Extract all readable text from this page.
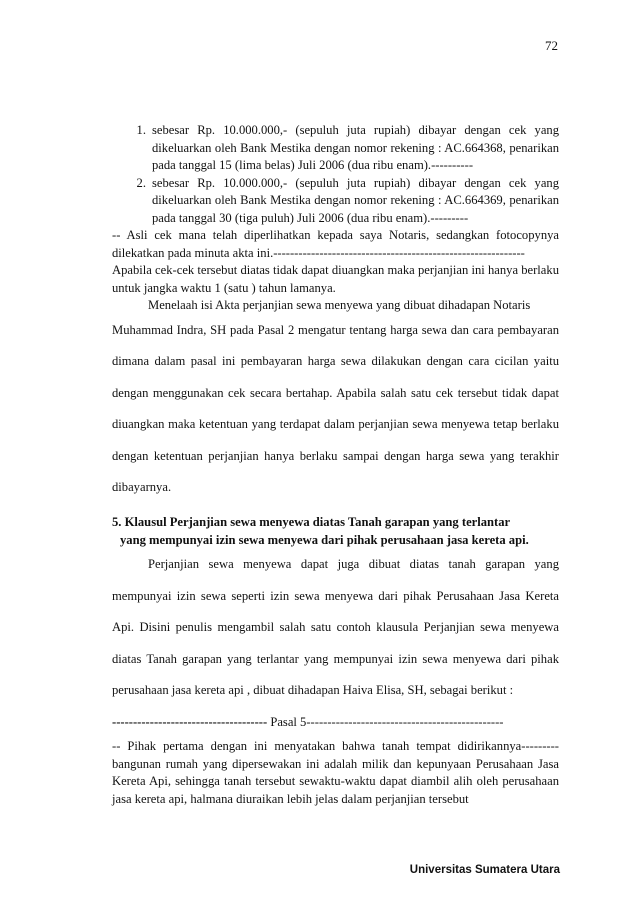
72
1. sebesar Rp. 10.000.000,- (sepuluh juta rupiah) dibayar dengan cek yang dikeluarkan oleh Bank Mestika dengan nomor rekening : AC.664368, penarikan pada tanggal 15 (lima belas) Juli 2006 (dua ribu enam).----------
2. sebesar Rp. 10.000.000,- (sepuluh juta rupiah) dibayar dengan cek yang dikeluarkan oleh Bank Mestika dengan nomor rekening : AC.664369, penarikan pada tanggal 30 (tiga puluh) Juli 2006 (dua ribu enam).---------

-- Asli cek mana telah diperlihatkan kepada saya Notaris, sedangkan fotocopynya dilekatkan pada minuta akta ini.------------------------------------------------------------

Apabila cek-cek tersebut diatas tidak dapat diuangkan maka perjanjian ini hanya berlaku untuk jangka waktu 1 (satu ) tahun lamanya.

Menelaah isi Akta perjanjian sewa menyewa yang dibuat dihadapan Notaris

Muhammad Indra, SH pada Pasal 2 mengatur tentang harga sewa dan cara pembayaran dimana dalam pasal ini pembayaran harga sewa dilakukan dengan cara cicilan yaitu dengan menggunakan cek secara bertahap. Apabila salah satu cek tersebut tidak dapat diuangkan maka ketentuan yang terdapat dalam perjanjian sewa menyewa tetap berlaku dengan ketentuan perjanjian hanya berlaku sampai dengan harga sewa yang terakhir dibayarnya.

5. Klausul Perjanjian sewa menyewa diatas Tanah garapan yang terlantar
yang mempunyai izin sewa menyewa dari pihak perusahaan jasa kereta api.

Perjanjian sewa menyewa dapat juga dibuat diatas tanah garapan yang mempunyai izin sewa seperti izin sewa menyewa dari pihak Perusahaan Jasa Kereta Api. Disini penulis mengambil salah satu contoh klausula Perjanjian sewa menyewa diatas Tanah garapan yang terlantar yang mempunyai izin sewa menyewa dari pihak perusahaan jasa kereta api , dibuat dihadapan Haiva Elisa, SH, sebagai berikut :

------------------------------------- Pasal 5-----------------------------------------------

-- Pihak pertama dengan ini menyatakan bahwa tanah tempat didirikannya--------- bangunan rumah yang dipersewakan ini adalah milik dan kepunyaan Perusahaan Jasa Kereta Api, sehingga tanah tersebut sewaktu-waktu dapat diambil alih oleh perusahaan jasa kereta api, halmana diuraikan lebih jelas dalam perjanjian tersebut

Universitas Sumatera Utara
